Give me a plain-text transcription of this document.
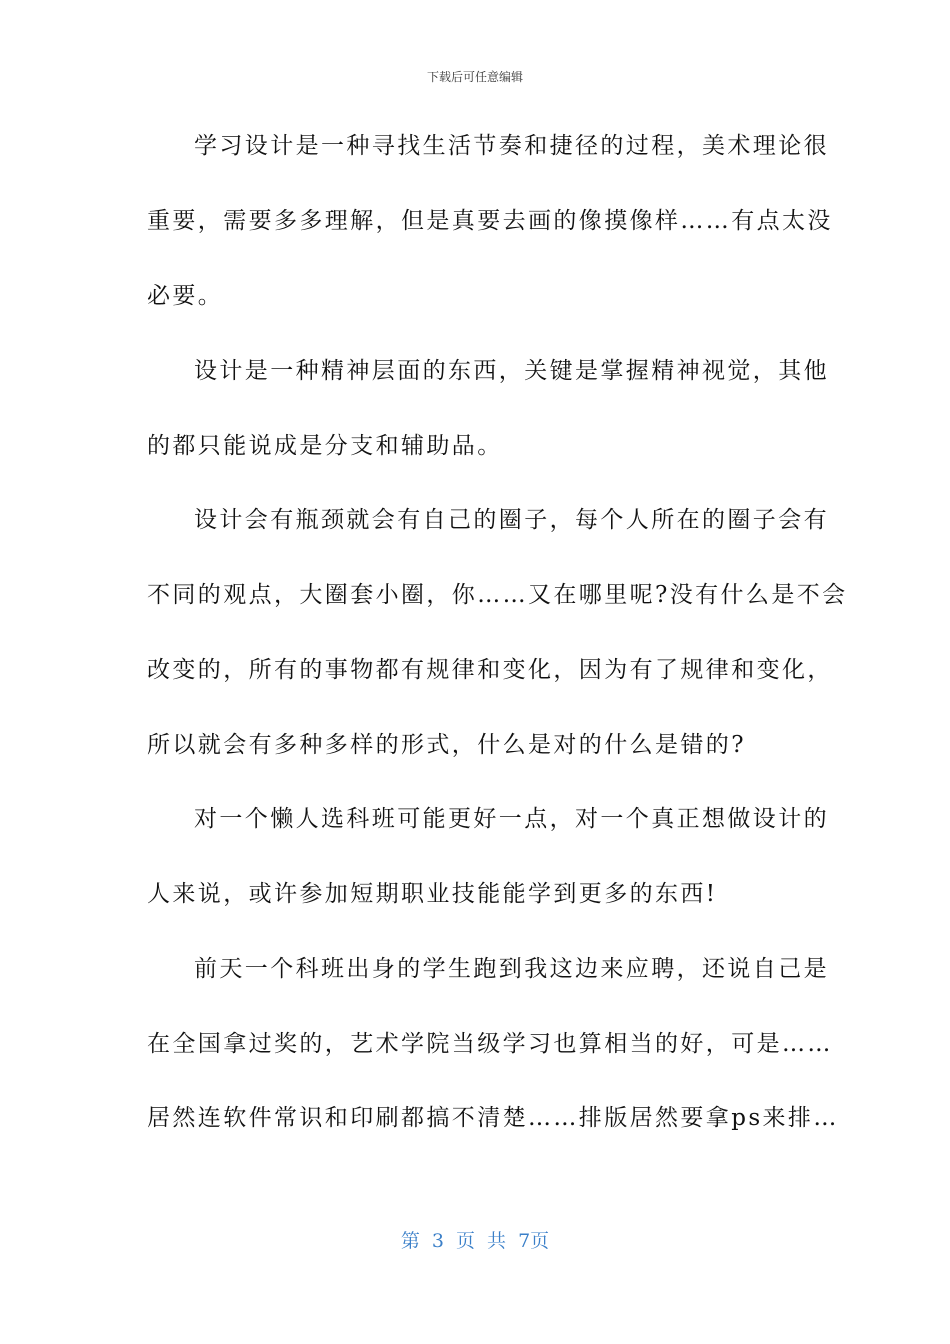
下载后可任意编辑
学习设计是一种寻找生活节奏和捷径的过程，美术理论很
重要，需要多多理解，但是真要去画的像摸像样……有点太没
必要。
设计是一种精神层面的东西，关键是掌握精神视觉，其他
的都只能说成是分支和辅助品。
设计会有瓶颈就会有自己的圈子，每个人所在的圈子会有
不同的观点，大圈套小圈，你……又在哪里呢?没有什么是不会
改变的，所有的事物都有规律和变化，因为有了规律和变化，
所以就会有多种多样的形式，什么是对的什么是错的?
对一个懒人选科班可能更好一点，对一个真正想做设计的
人来说，或许参加短期职业技能能学到更多的东西!
前天一个科班出身的学生跑到我这边来应聘，还说自己是
在全国拿过奖的，艺术学院当级学习也算相当的好，可是……
居然连软件常识和印刷都搞不清楚……排版居然要拿ps来排…
第 3 页 共 7页
